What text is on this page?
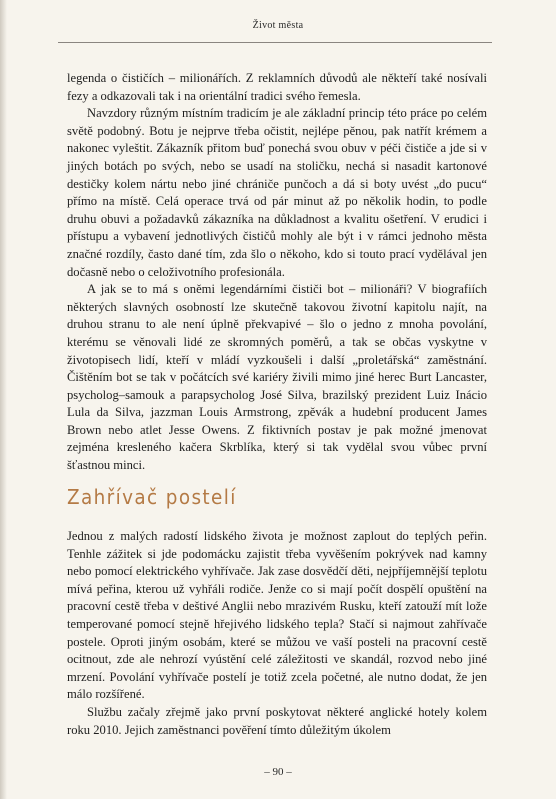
Život města

legenda o čističích – milionářích. Z reklamních důvodů ale někteří také nosívali fezy a odkazovali tak i na orientální tradici svého řemesla.

Navzdory různým místním tradicím je ale základní princip této práce po celém světě podobný. Botu je nejprve třeba očistit, nejlépe pěnou, pak natřít krémem a nakonec vyleštit. Zákazník přitom buď ponechá svou obuv v péči čističe a jde si v jiných botách po svých, nebo se usadí na stoličku, nechá si nasadit kartonové destičky kolem nártu nebo jiné chrániče punčoch a dá si boty uvést „do pucu“ přímo na místě. Celá operace trvá od pár minut až po několik hodin, to podle druhu obuvi a požadavků zákazníka na důkladnost a kvalitu ošetření. V erudici i přístupu a vybavení jednotlivých čističů mohly ale být i v rámci jednoho města značné rozdíly, často dané tím, zda šlo o někoho, kdo si touto prací vydělával jen dočasně nebo o celoživotního profesionála.

A jak se to má s oněmi legendárními čističi bot – milionáři? V biografiích některých slavných osobností lze skutečně takovou životní kapitolu najít, na druhou stranu to ale není úplně překvapivé – šlo o jedno z mnoha povolání, kterému se věnovali lidé ze skromných poměrů, a tak se občas vyskytne v životopisech lidí, kteří v mládí vyzkoušeli i další „proletářská“ zaměstnání. Čištěním bot se tak v počátcích své kariéry živili mimo jiné herec Burt Lancaster, psycholog–samouk a parapsycholog José Silva, brazilský prezident Luiz Inácio Lula da Silva, jazzman Louis Armstrong, zpěvák a hudební producent James Brown nebo atlet Jesse Owens. Z fiktivních postav je pak možné jmenovat zejména kresleného kačera Skrblíka, který si tak vydělal svou vůbec první šťastnou minci.

Zahřívač postelí

Jednou z malých radostí lidského života je možnost zaplout do teplých peřin. Tenhle zážitek si jde podomácku zajistit třeba vyvěšením pokrývek nad kamny nebo pomocí elektrického vyhřívače. Jak zase dosvědčí děti, nejpříjemnější teplotu mívá peřina, kterou už vyhřáli rodiče. Jenže co si mají počít dospělí opuštění na pracovní cestě třeba v deštivé Anglii nebo mrazivém Rusku, kteří zatouží mít lože temperované pomocí stejně hřejivého lidského tepla? Stačí si najmout zahřívače postele. Oproti jiným osobám, které se můžou ve vaší posteli na pracovní cestě ocitnout, zde ale nehrozí vyústění celé záležitosti ve skandál, rozvod nebo jiné mrzení. Povolání vyhřívače postelí je totiž zcela početné, ale nutno dodat, že jen málo rozšířené.

Službu začaly zřejmě jako první poskytovat některé anglické hotely kolem roku 2010. Jejich zaměstnanci pověření tímto důležitým úkolem

– 90 –
